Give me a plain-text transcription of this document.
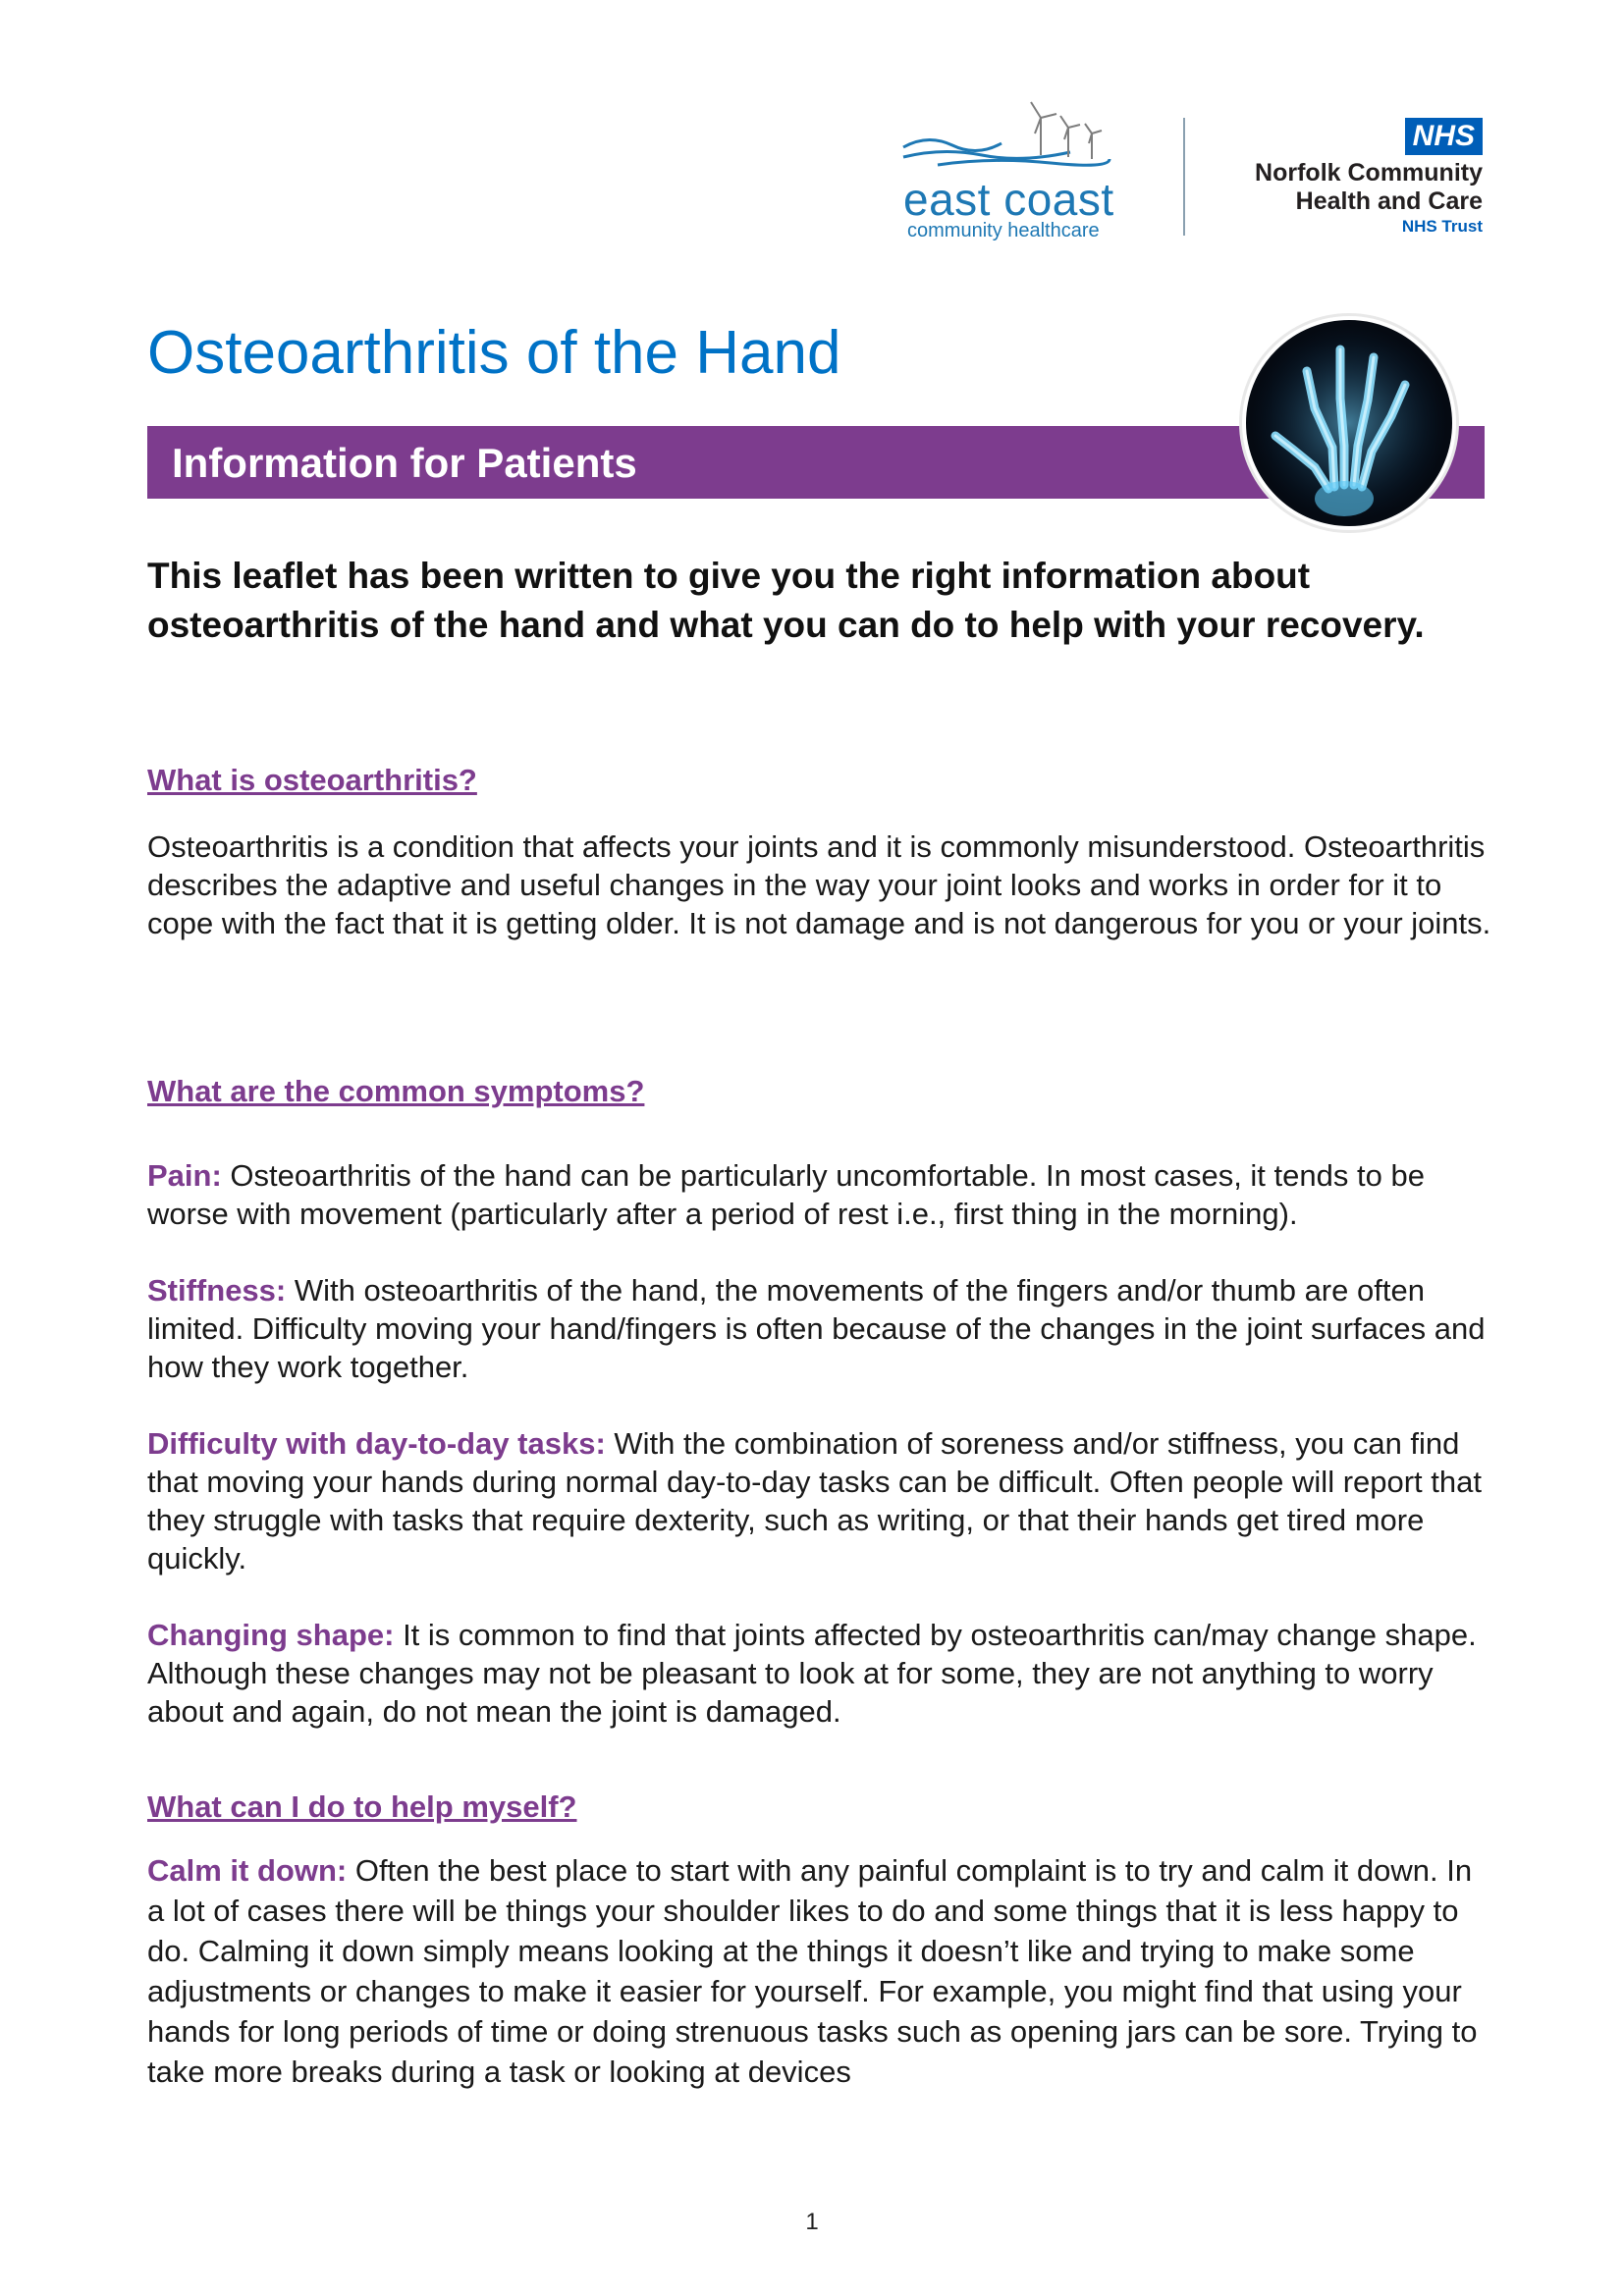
east coast
community healthcare
NHS
Norfolk Community
Health and Care
NHS Trust
Osteoarthritis of the Hand
Information for Patients

This leaflet has been written to give you the right information about osteoarthritis of the hand and what you can do to help with your recovery.

What is osteoarthritis?

Osteoarthritis is a condition that affects your joints and it is commonly misunderstood. Osteoarthritis describes the adaptive and useful changes in the way your joint looks and works in order for it to cope with the fact that it is getting older. It is not damage and is not dangerous for you or your joints.

What are the common symptoms?

Pain: Osteoarthritis of the hand can be particularly uncomfortable. In most cases, it tends to be worse with movement (particularly after a period of rest i.e., first thing in the morning).

Stiffness: With osteoarthritis of the hand, the movements of the fingers and/or thumb are often limited. Difficulty moving your hand/fingers is often because of the changes in the joint surfaces and how they work together.

Difficulty with day-to-day tasks: With the combination of soreness and/or stiffness, you can find that moving your hands during normal day-to-day tasks can be difficult. Often people will report that they struggle with tasks that require dexterity, such as writing, or that their hands get tired more quickly.

Changing shape: It is common to find that joints affected by osteoarthritis can/may change shape. Although these changes may not be pleasant to look at for some, they are not anything to worry about and again, do not mean the joint is damaged.

What can I do to help myself?

Calm it down: Often the best place to start with any painful complaint is to try and calm it down. In a lot of cases there will be things your shoulder likes to do and some things that it is less happy to do. Calming it down simply means looking at the things it doesn’t like and trying to make some adjustments or changes to make it easier for yourself. For example, you might find that using your hands for long periods of time or doing strenuous tasks such as opening jars can be sore. Trying to take more breaks during a task or looking at devices

1
